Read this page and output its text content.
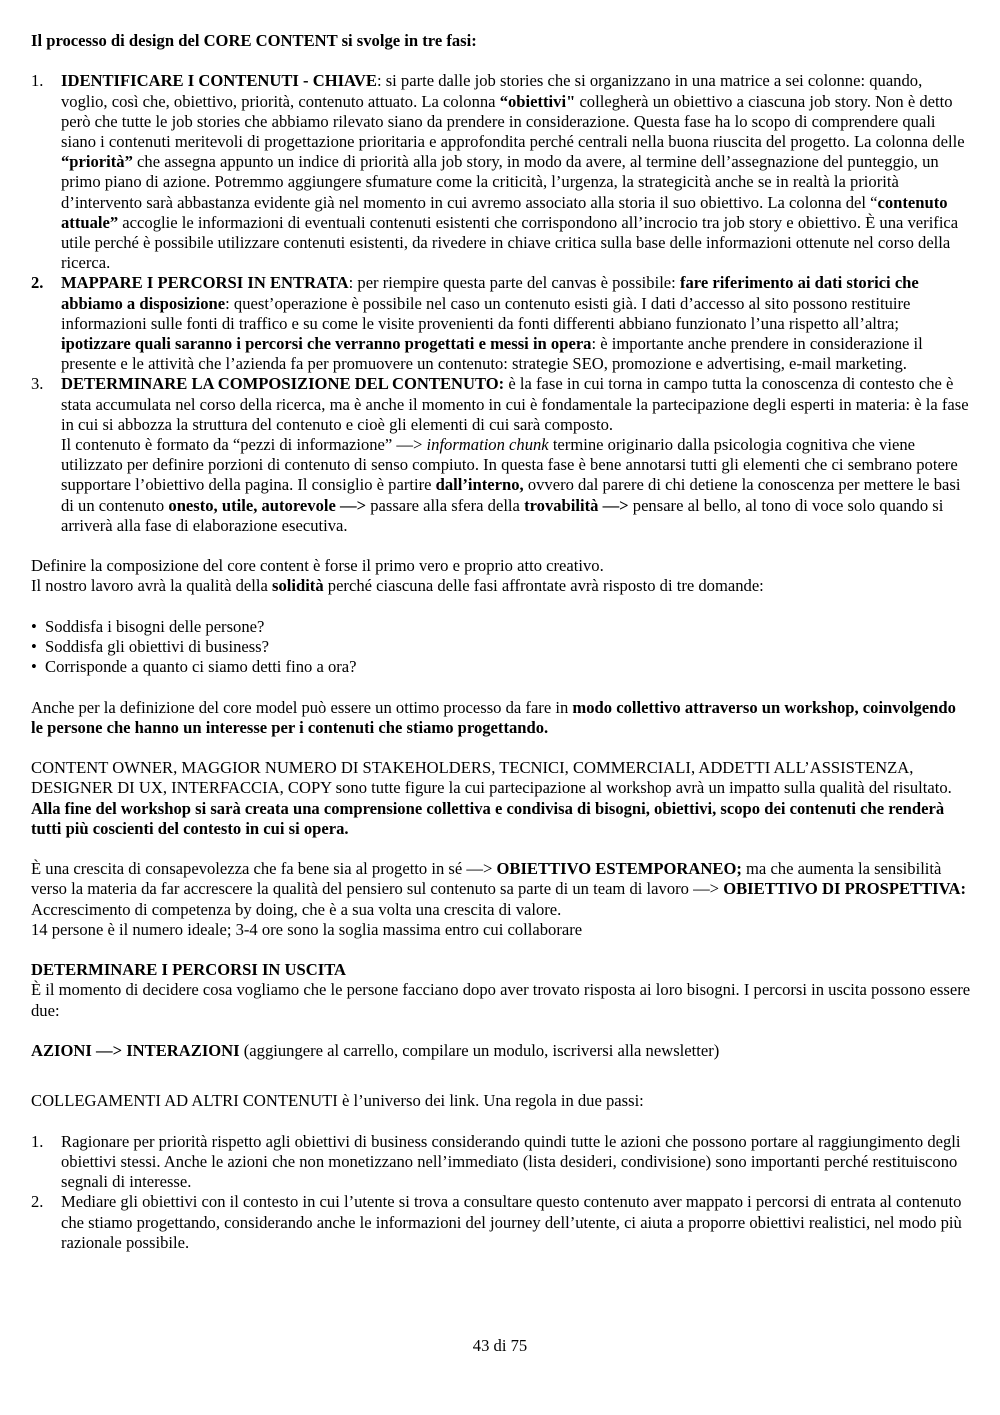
Il processo di design del CORE CONTENT si svolge in tre fasi:

1. IDENTIFICARE I CONTENUTI - CHIAVE: si parte dalle job stories che si organizzano in una matrice a sei colonne: quando, voglio, così che, obiettivo, priorità, contenuto attuato. La colonna “obiettivi" collegherà un obiettivo a ciascuna job story. Non è detto però che tutte le job stories che abbiamo rilevato siano da prendere in considerazione. Questa fase ha lo scopo di comprendere quali siano i contenuti meritevoli di progettazione prioritaria e approfondita perché centrali nella buona riuscita del progetto. La colonna delle “priorità” che assegna appunto un indice di priorità alla job story, in modo da avere, al termine dell’assegnazione del punteggio, un primo piano di azione. Potremmo aggiungere sfumature come la criticità, l’urgenza, la strategicità anche se in realtà la priorità d’intervento sarà abbastanza evidente già nel momento in cui avremo associato alla storia il suo obiettivo. La colonna del “contenuto attuale” accoglie le informazioni di eventuali contenuti esistenti che corrispondono all’incrocio tra job story e obiettivo. È una verifica utile perché è possibile utilizzare contenuti esistenti, da rivedere in chiave critica sulla base delle informazioni ottenute nel corso della ricerca.
2. MAPPARE I PERCORSI IN ENTRATA: per riempire questa parte del canvas è possibile: fare riferimento ai dati storici che abbiamo a disposizione: quest’operazione è possibile nel caso un contenuto esisti già. I dati d’accesso al sito possono restituire informazioni sulle fonti di traffico e su come le visite provenienti da fonti differenti abbiano funzionato l’una rispetto all’altra; ipotizzare quali saranno i percorsi che verranno progettati e messi in opera: è importante anche prendere in considerazione il presente e le attività che l’azienda fa per promuovere un contenuto: strategie SEO, promozione e advertising, e-mail marketing.
3. DETERMINARE LA COMPOSIZIONE DEL CONTENUTO: è la fase in cui torna in campo tutta la conoscenza di contesto che è stata accumulata nel corso della ricerca, ma è anche il momento in cui è fondamentale la partecipazione degli esperti in materia: è la fase in cui si abbozza la struttura del contenuto e cioè gli elementi di cui sarà composto.
Il contenuto è formato da “pezzi di informazione” —> information chunk termine originario dalla psicologia cognitiva che viene utilizzato per definire porzioni di contenuto di senso compiuto. In questa fase è bene annotarsi tutti gli elementi che ci sembrano potere supportare l’obiettivo della pagina. Il consiglio è partire dall’interno, ovvero dal parere di chi detiene la conoscenza per mettere le basi di un contenuto onesto, utile, autorevole —> passare alla sfera della trovabilità —> pensare al bello, al tono di voce solo quando si arriverà alla fase di elaborazione esecutiva.

Definire la composizione del core content è forse il primo vero e proprio atto creativo.

Il nostro lavoro avrà la qualità della solidità perché ciascuna delle fasi affrontate avrà risposto di tre domande:

• Soddisfa i bisogni delle persone?
• Soddisfa gli obiettivi di business?
• Corrisponde a quanto ci siamo detti fino a ora?

Anche per la definizione del core model può essere un ottimo processo da fare in modo collettivo attraverso un workshop, coinvolgendo le persone che hanno un interesse per i contenuti che stiamo progettando.

CONTENT OWNER, MAGGIOR NUMERO DI STAKEHOLDERS, TECNICI, COMMERCIALI, ADDETTI ALL’ASSISTENZA, DESIGNER DI UX, INTERFACCIA, COPY sono tutte figure la cui partecipazione al workshop avrà un impatto sulla qualità del risultato. Alla fine del workshop si sarà creata una comprensione collettiva e condivisa di bisogni, obiettivi, scopo dei contenuti che renderà tutti più coscienti del contesto in cui si opera.

È una crescita di consapevolezza che fa bene sia al progetto in sé —> OBIETTIVO ESTEMPORANEO; ma che aumenta la sensibilità verso la materia da far accrescere la qualità del pensiero sul contenuto sa parte di un team di lavoro —> OBIETTIVO DI PROSPETTIVA: Accrescimento di competenza by doing, che è a sua volta una crescita di valore.

14 persone è il numero ideale; 3-4 ore sono la soglia massima entro cui collaborare

DETERMINARE I PERCORSI IN USCITA

È il momento di decidere cosa vogliamo che le persone facciano dopo aver trovato risposta ai loro bisogni. I percorsi in uscita possono essere due:

AZIONI —> INTERAZIONI (aggiungere al carrello, compilare un modulo, iscriversi alla newsletter)

COLLEGAMENTI AD ALTRI CONTENUTI è l’universo dei link. Una regola in due passi:

1. Ragionare per priorità rispetto agli obiettivi di business considerando quindi tutte le azioni che possono portare al raggiungimento degli obiettivi stessi. Anche le azioni che non monetizzano nell’immediato (lista desideri, condivisione) sono importanti perché restituiscono segnali di interesse.
2. Mediare gli obiettivi con il contesto in cui l’utente si trova a consultare questo contenuto aver mappato i percorsi di entrata al contenuto che stiamo progettando, considerando anche le informazioni del journey dell’utente, ci aiuta a proporre obiettivi realistici, nel modo più razionale possibile.
43 di 75
